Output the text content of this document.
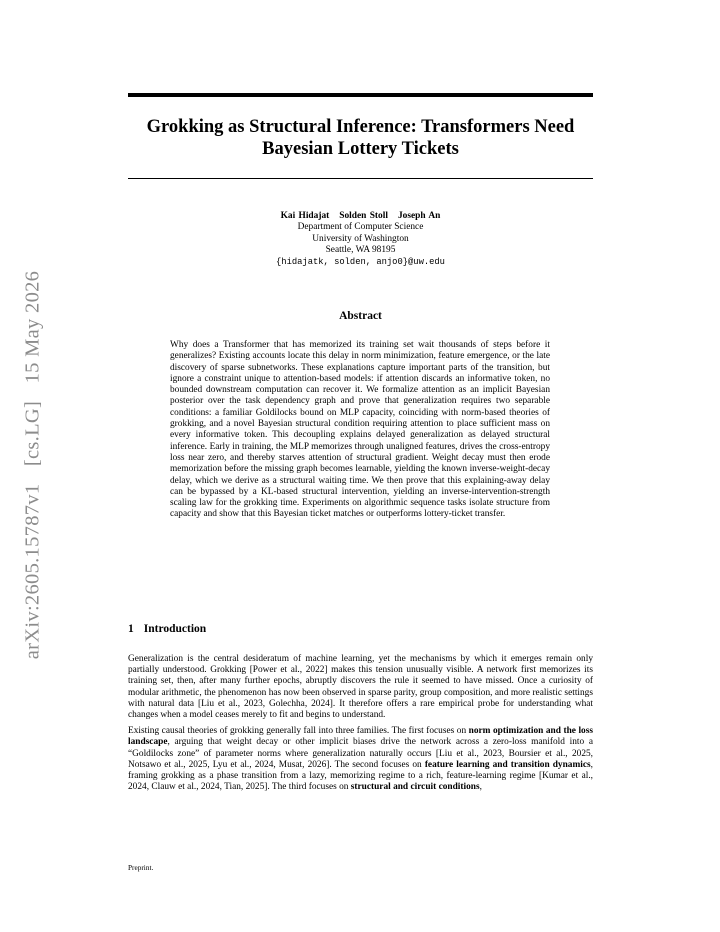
arXiv:2605.15787v1 [cs.LG] 15 May 2026
Grokking as Structural Inference: Transformers Need
Bayesian Lottery Tickets
Kai Hidajat Solden Stoll Joseph An
Department of Computer Science
University of Washington
Seattle, WA 98195
{hidajatk, solden, anjo0}@uw.edu
Abstract
Why does a Transformer that has memorized its training set wait thousands of steps before it generalizes? Existing accounts locate this delay in norm minimization, feature emergence, or the late discovery of sparse subnetworks. These explanations capture important parts of the transition, but ignore a constraint unique to attention-based models: if attention discards an informative token, no bounded downstream computation can recover it. We formalize attention as an implicit Bayesian posterior over the task dependency graph and prove that generalization requires two separable conditions: a familiar Goldilocks bound on MLP capacity, coinciding with norm-based theories of grokking, and a novel Bayesian structural condition requiring attention to place sufficient mass on every informative token. This decoupling explains delayed generalization as delayed structural inference. Early in training, the MLP memorizes through unaligned features, drives the cross-entropy loss near zero, and thereby starves attention of structural gradient. Weight decay must then erode memorization before the missing graph becomes learnable, yielding the known inverse-weight-decay delay, which we derive as a structural waiting time. We then prove that this explaining-away delay can be bypassed by a KL-based structural intervention, yielding an inverse-intervention-strength scaling law for the grokking time. Experiments on algorithmic sequence tasks isolate structure from capacity and show that this Bayesian ticket matches or outperforms lottery-ticket transfer.
1 Introduction

Generalization is the central desideratum of machine learning, yet the mechanisms by which it emerges remain only partially understood. Grokking [Power et al., 2022] makes this tension unusually visible. A network first memorizes its training set, then, after many further epochs, abruptly discovers the rule it seemed to have missed. Once a curiosity of modular arithmetic, the phenomenon has now been observed in sparse parity, group composition, and more realistic settings with natural data [Liu et al., 2023, Golechha, 2024]. It therefore offers a rare empirical probe for understanding what changes when a model ceases merely to fit and begins to understand.

Existing causal theories of grokking generally fall into three families. The first focuses on norm optimization and the loss landscape, arguing that weight decay or other implicit biases drive the network across a zero-loss manifold into a “Goldilocks zone” of parameter norms where generalization naturally occurs [Liu et al., 2023, Boursier et al., 2025, Notsawo et al., 2025, Lyu et al., 2024, Musat, 2026]. The second focuses on feature learning and transition dynamics, framing grokking as a phase transition from a lazy, memorizing regime to a rich, feature-learning regime [Kumar et al., 2024, Clauw et al., 2024, Tian, 2025]. The third focuses on structural and circuit conditions,

Preprint.
